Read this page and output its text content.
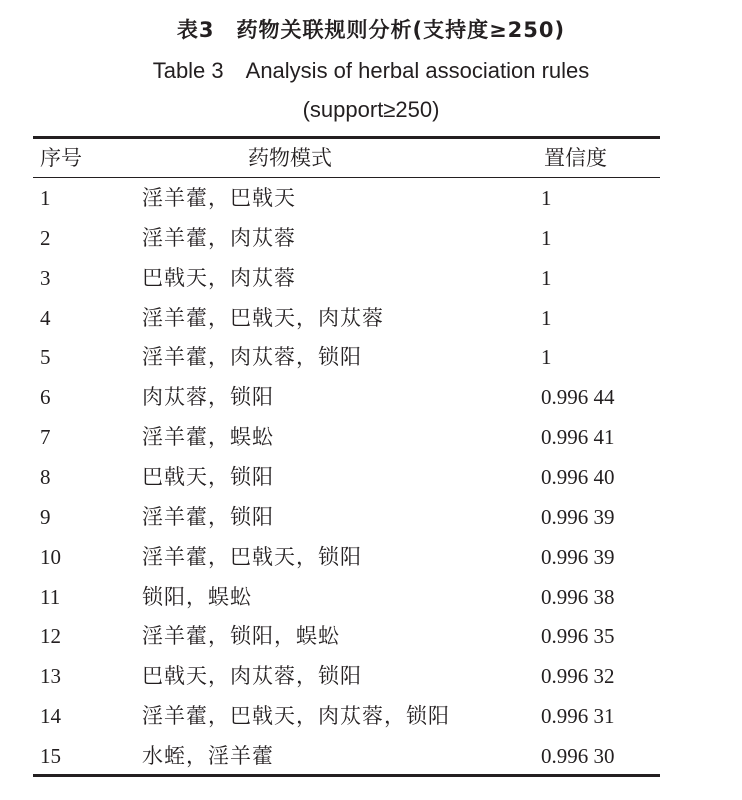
表3　药物关联规则分析(支持度≥250)
Table 3　Analysis of herbal association rules
(support≥250)
序号	药物模式	置信度
1	淫羊藿，巴戟天	1
2	淫羊藿，肉苁蓉	1
3	巴戟天，肉苁蓉	1
4	淫羊藿，巴戟天，肉苁蓉	1
5	淫羊藿，肉苁蓉，锁阳	1
6	肉苁蓉，锁阳	0.996 44
7	淫羊藿，蜈蚣	0.996 41
8	巴戟天，锁阳	0.996 40
9	淫羊藿，锁阳	0.996 39
10	淫羊藿，巴戟天，锁阳	0.996 39
11	锁阳，蜈蚣	0.996 38
12	淫羊藿，锁阳，蜈蚣	0.996 35
13	巴戟天，肉苁蓉，锁阳	0.996 32
14	淫羊藿，巴戟天，肉苁蓉，锁阳	0.996 31
15	水蛭，淫羊藿	0.996 30
